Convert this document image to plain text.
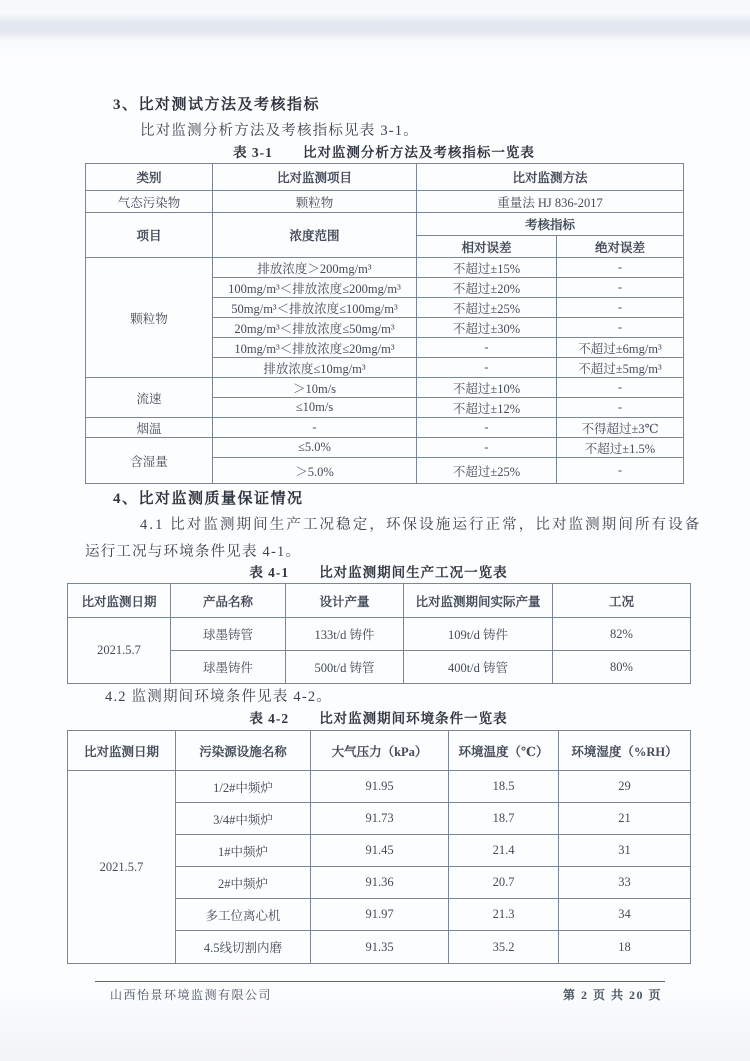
3、比对测试方法及考核指标
比对监测分析方法及考核指标见表 3-1。
表 3-1 比对监测分析方法及考核指标一览表
类别	比对监测项目	比对监测方法	
气态污染物	颗粒物	重量法 HJ 836-2017	
项目	浓度范围	考核指标	
		相对误差	绝对误差
颗粒物	排放浓度＞200mg/m³	不超过±15%	-
	100mg/m³＜排放浓度≤200mg/m³	不超过±20%	-
	50mg/m³＜排放浓度≤100mg/m³	不超过±25%	-
	20mg/m³＜排放浓度≤50mg/m³	不超过±30%	-
	10mg/m³＜排放浓度≤20mg/m³	-	不超过±6mg/m³
	排放浓度≤10mg/m³	-	不超过±5mg/m³
流速	＞10m/s	不超过±10%	-
	≤10m/s	不超过±12%	-
烟温	-	-	不得超过±3℃
含湿量	≤5.0%	-	不超过±1.5%
	＞5.0%	不超过±25%	-
4、比对监测质量保证情况
4.1 比对监测期间生产工况稳定，环保设施运行正常，比对监测期间所有设备
运行工况与环境条件见表 4-1。
表 4-1 比对监测期间生产工况一览表
比对监测日期	产品名称	设计产量	比对监测期间实际产量	工况
2021.5.7	球墨铸管	133t/d 铸件	109t/d 铸件	82%
	球墨铸件	500t/d 铸管	400t/d 铸管	80%
4.2 监测期间环境条件见表 4-2。
表 4-2 比对监测期间环境条件一览表
比对监测日期	污染源设施名称	大气压力（kPa）	环境温度（℃）	环境湿度（%RH）
2021.5.7	1/2#中频炉	91.95	18.5	29
	3/4#中频炉	91.73	18.7	21
	1#中频炉	91.45	21.4	31
	2#中频炉	91.36	20.7	33
	多工位离心机	91.97	21.3	34
	4.5线切割内磨	91.35	35.2	18
山西怡景环境监测有限公司	第 2 页 共 20 页
